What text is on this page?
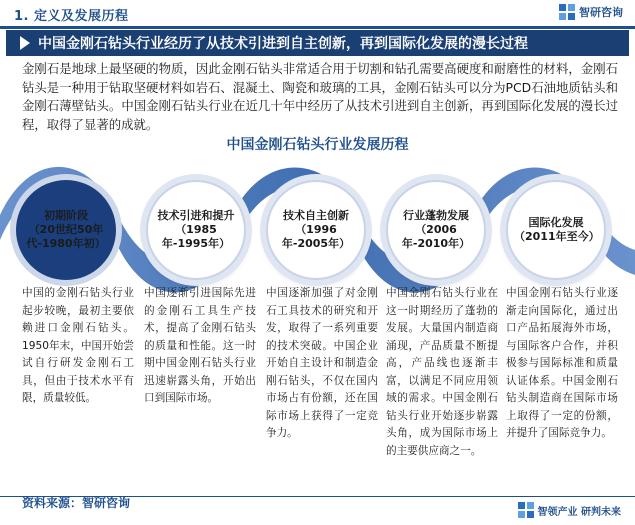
1. 定义及发展历程	智研咨询
中国金刚石钻头行业经历了从技术引进到自主创新，再到国际化发展的漫长过程
金刚石是地球上最坚硬的物质，因此金刚石钻头非常适合用于切割和钻孔需要高硬度和耐磨性的材料，金刚石钻头是一种用于钻取坚硬材料如岩石、混凝土、陶瓷和玻璃的工具，金刚石钻头可以分为PCD石油地质钻头和金刚石薄壁钻头。中国金刚石钻头行业在近几十年中经历了从技术引进到自主创新，再到国际化发展的漫长过程，取得了显著的成就。
中国金刚石钻头行业发展历程
初期阶段
（20世纪50年代-1980年初）
技术引进和提升
（1985年-1995年）
技术自主创新
（1996年-2005年）
行业蓬勃发展
（2006年-2010年）
国际化发展
（2011年至今）
中国的金刚石钻头行业起步较晚，最初主要依赖进口金刚石钻头。1950年末，中国开始尝试自行研发金刚石工具，但由于技术水平有限，质量较低。
中国逐渐引进国际先进的金刚石工具生产技术，提高了金刚石钻头的质量和性能。这一时期中国金刚石钻头行业迅速崭露头角，开始出口到国际市场。
中国逐渐加强了对金刚石工具技术的研究和开发，取得了一系列重要的技术突破。中国企业开始自主设计和制造金刚石钻头，不仅在国内市场占有份额，还在国际市场上获得了一定竞争力。
中国金刚石钻头行业在这一时期经历了蓬勃的发展。大量国内制造商涌现，产品质量不断提高，产品线也逐渐丰富，以满足不同应用领域的需求。中国金刚石钻头行业开始逐步崭露头角，成为国际市场上的主要供应商之一。
中国金刚石钻头行业逐渐走向国际化，通过出口产品拓展海外市场，与国际客户合作，并积极参与国际标准和质量认证体系。中国金刚石钻头制造商在国际市场上取得了一定的份额，并提升了国际竞争力。
资料来源：智研咨询
智领产业 研判未来
